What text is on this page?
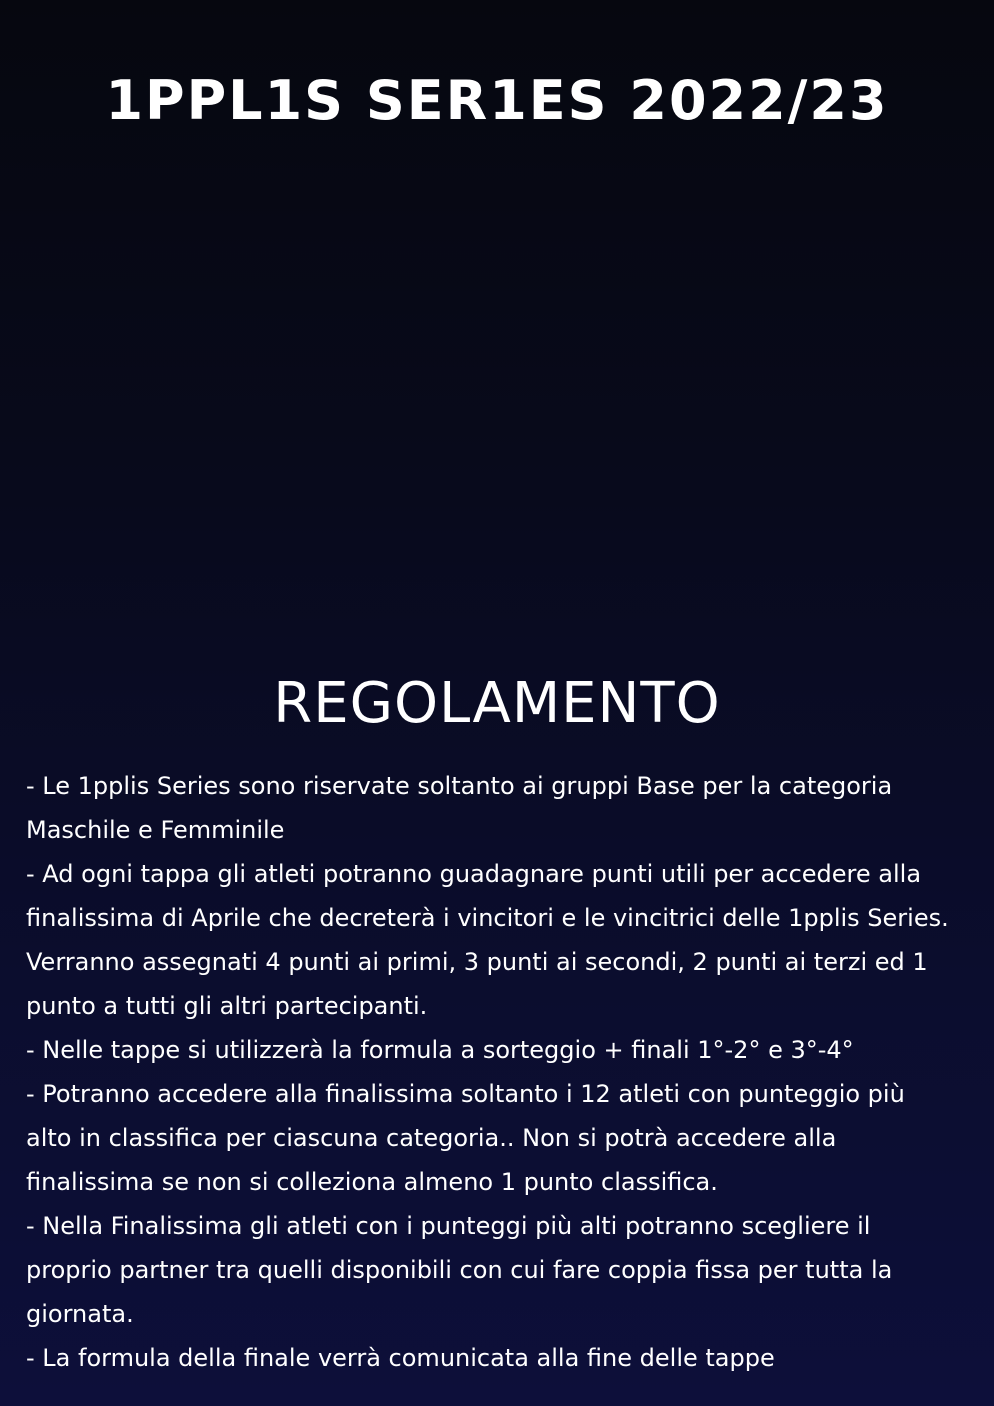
1PPL1S SER1ES 2022/23
REGOLAMENTO

- Le 1pplis Series sono riservate soltanto ai gruppi Base per la categoria Maschile e Femminile

- Ad ogni tappa gli atleti potranno guadagnare punti utili per accedere alla finalissima di Aprile che decreterà i vincitori e le vincitrici delle 1pplis Series. Verranno assegnati 4 punti ai primi, 3 punti ai secondi, 2 punti ai terzi ed 1 punto a tutti gli altri partecipanti.

- Nelle tappe si utilizzerà la formula a sorteggio + finali 1°-2° e 3°-4°

- Potranno accedere alla finalissima soltanto i 12 atleti con punteggio più alto in classifica per ciascuna categoria.. Non si potrà accedere alla finalissima se non si colleziona almeno 1 punto classifica.

- Nella Finalissima gli atleti con i punteggi più alti potranno scegliere il proprio partner tra quelli disponibili con cui fare coppia fissa per tutta la giornata.

- La formula della finale verrà comunicata alla fine delle tappe
